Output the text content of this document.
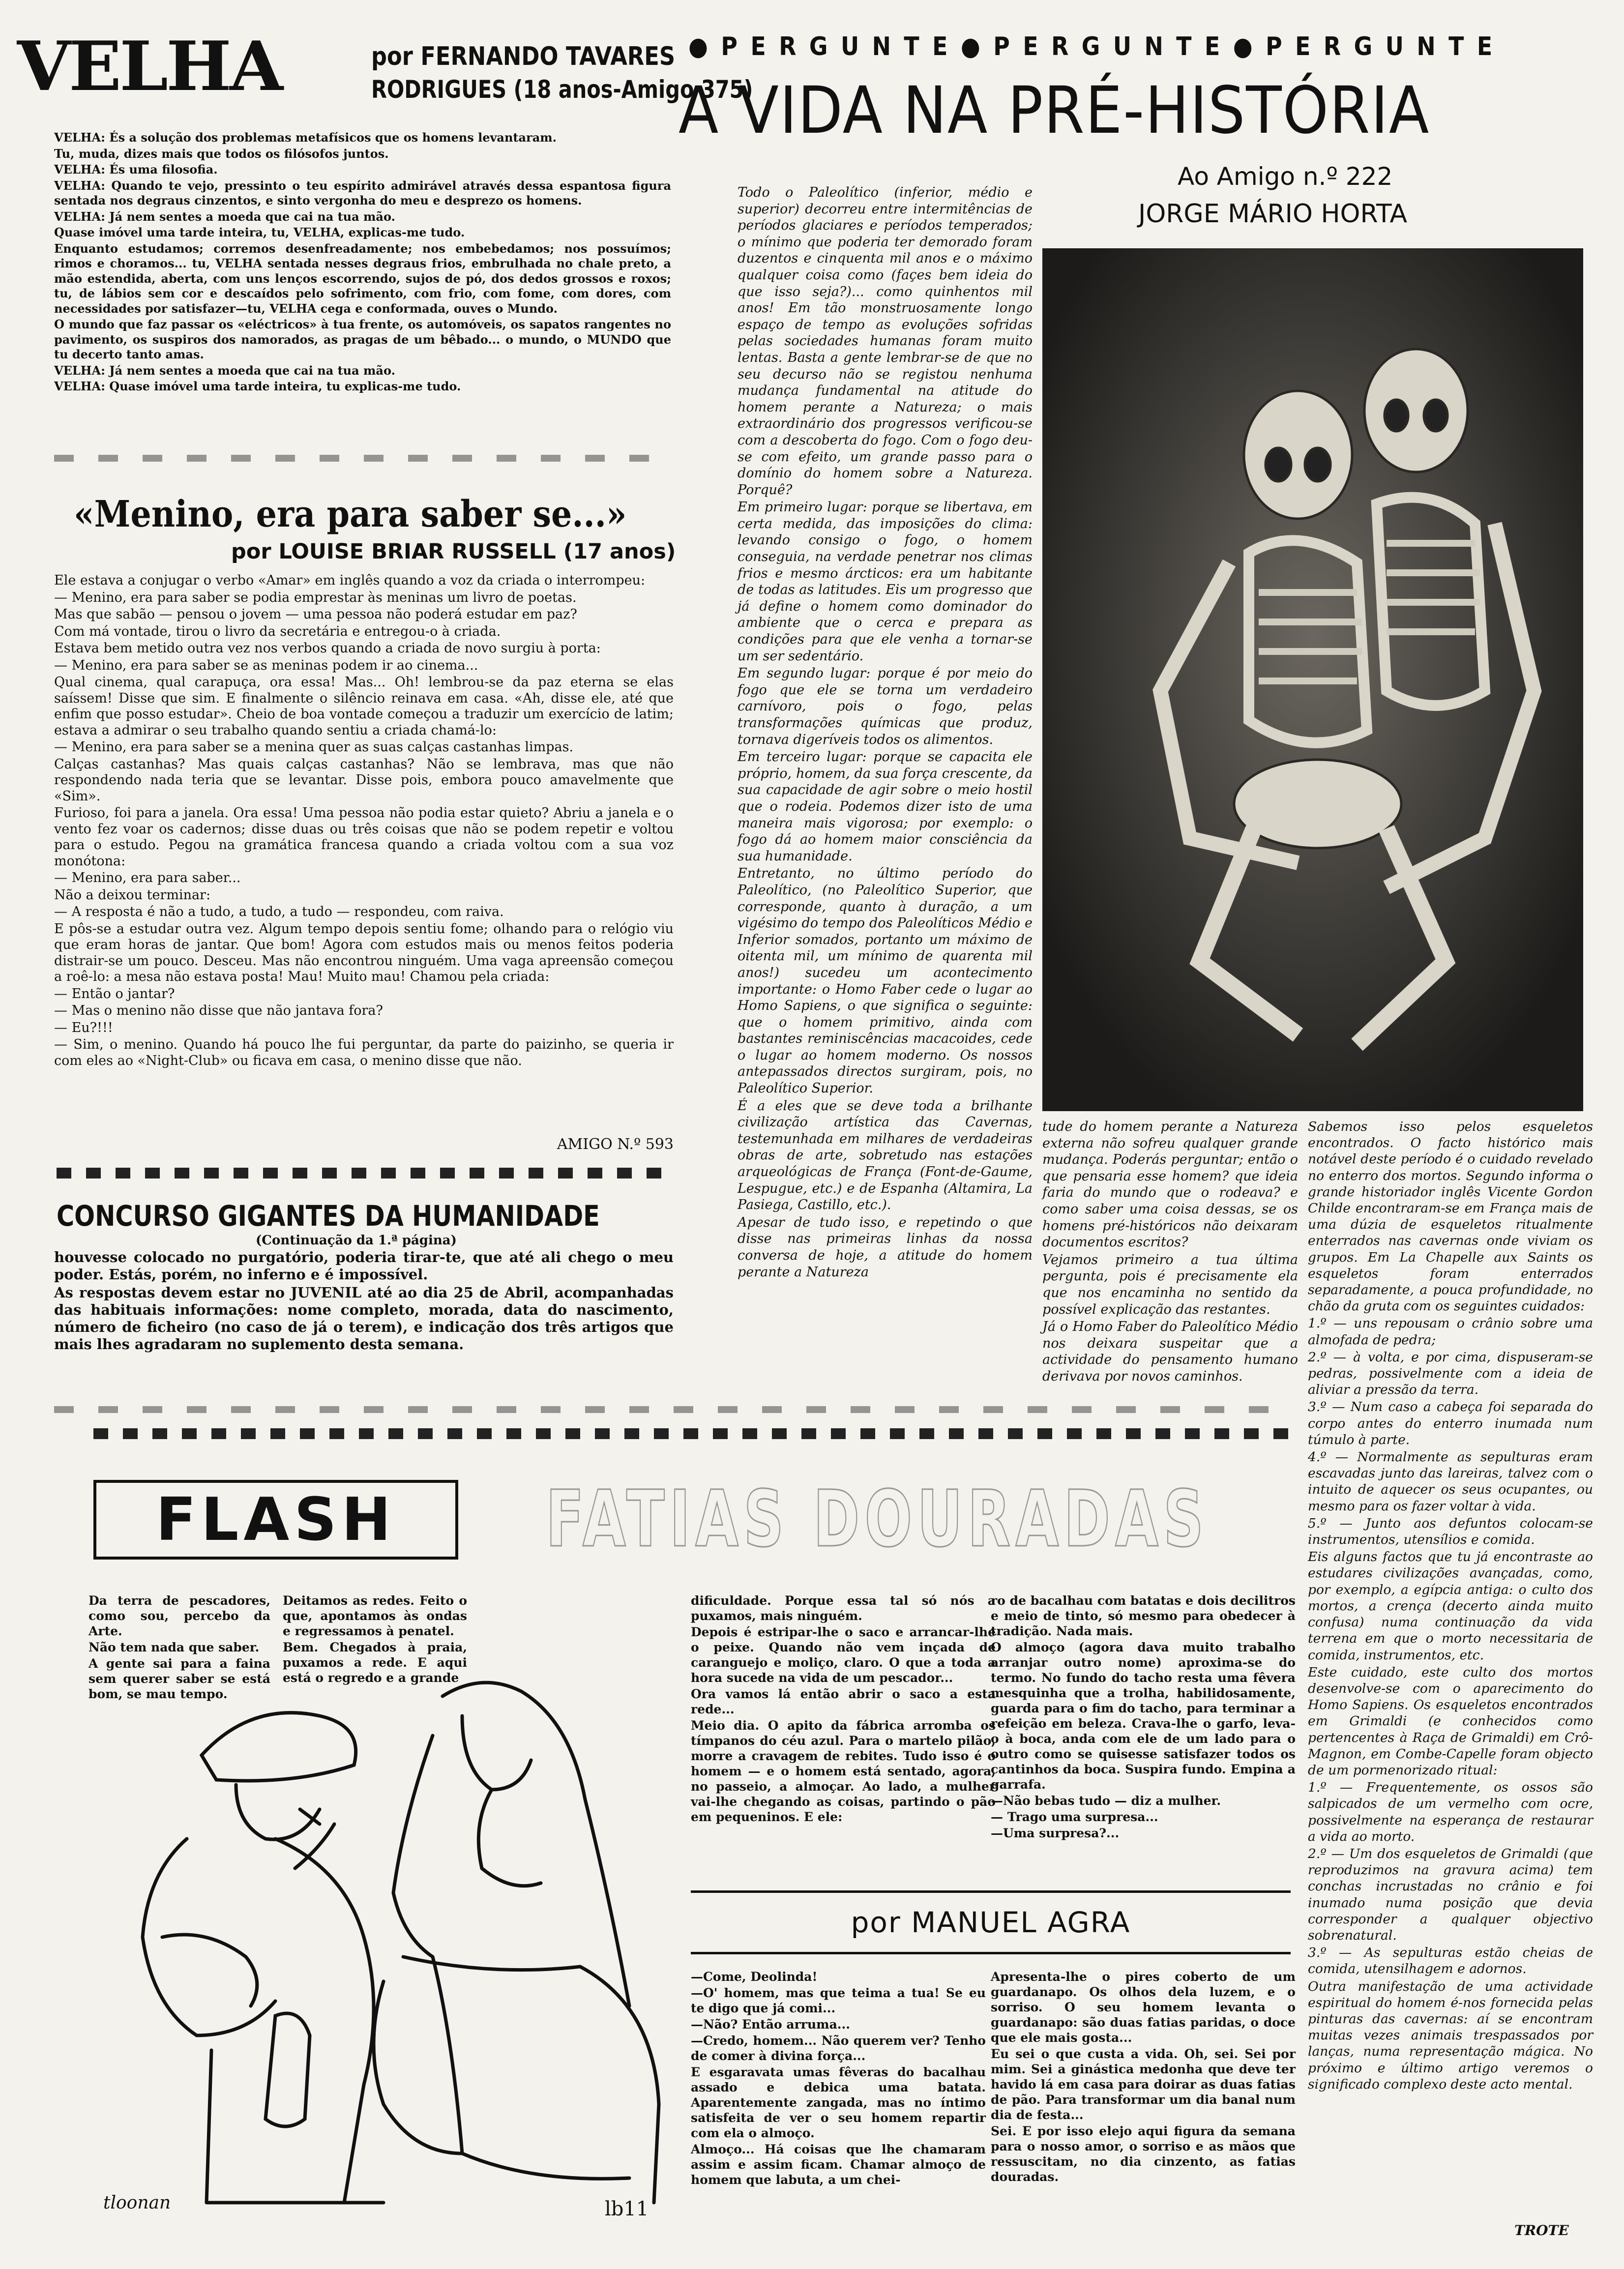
VELHA	por FERNANDO TAVARES
RODRIGUES (18 anos-Amigo 375)

VELHA: És a solução dos problemas metafísicos que os homens levantaram.

Tu, muda, dizes mais que todos os filósofos juntos.

VELHA: És uma filosofia.

VELHA: Quando te vejo, pressinto o teu espírito admirável através dessa espantosa figura sentada nos degraus cinzentos, e sinto vergonha do meu e desprezo os homens.

VELHA: Já nem sentes a moeda que cai na tua mão.

Quase imóvel uma tarde inteira, tu, VELHA, explicas-me tudo.

Enquanto estudamos; corremos desenfreadamente; nos embebedamos; nos possuímos; rimos e choramos... tu, VELHA sentada nesses degraus frios, embrulhada no chale preto, a mão estendida, aberta, com uns lenços escorrendo, sujos de pó, dos dedos grossos e roxos; tu, de lábios sem cor e descaídos pelo sofrimento, com frio, com fome, com dores, com necessidades por satisfazer—tu, VELHA cega e conformada, ouves o Mundo.

O mundo que faz passar os «eléctricos» à tua frente, os automóveis, os sapatos rangentes no pavimento, os suspiros dos namorados, as pragas de um bêbado... o mundo, o MUNDO que tu decerto tanto amas.

VELHA: Já nem sentes a moeda que cai na tua mão.

VELHA: Quase imóvel uma tarde inteira, tu explicas-me tudo.

«Menino, era para saber se...»
por LOUISE BRIAR RUSSELL (17 anos)

Ele estava a conjugar o verbo «Amar» em inglês quando a voz da criada o interrompeu:

— Menino, era para saber se podia emprestar às meninas um livro de poetas.

Mas que sabão — pensou o jovem — uma pessoa não poderá estudar em paz?

Com má vontade, tirou o livro da secretária e entregou-o à criada.

Estava bem metido outra vez nos verbos quando a criada de novo surgiu à porta:

— Menino, era para saber se as meninas podem ir ao cinema...

Qual cinema, qual carapuça, ora essa! Mas... Oh! lembrou-se da paz eterna se elas saíssem! Disse que sim. E finalmente o silêncio reinava em casa. «Ah, disse ele, até que enfim que posso estudar». Cheio de boa vontade começou a traduzir um exercício de latim; estava a admirar o seu trabalho quando sentiu a criada chamá-lo:

— Menino, era para saber se a menina quer as suas calças castanhas limpas.

Calças castanhas? Mas quais calças castanhas? Não se lembrava, mas que não respondendo nada teria que se levantar. Disse pois, embora pouco amavelmente que «Sim».

Furioso, foi para a janela. Ora essa! Uma pessoa não podia estar quieto? Abriu a janela e o vento fez voar os cadernos; disse duas ou três coisas que não se podem repetir e voltou para o estudo. Pegou na gramática francesa quando a criada voltou com a sua voz monótona:

— Menino, era para saber...

Não a deixou terminar:

— A resposta é não a tudo, a tudo, a tudo — respondeu, com raiva.

E pôs-se a estudar outra vez. Algum tempo depois sentiu fome; olhando para o relógio viu que eram horas de jantar. Que bom! Agora com estudos mais ou menos feitos poderia distrair-se um pouco. Desceu. Mas não encontrou ninguém. Uma vaga apreensão começou a roê-lo: a mesa não estava posta! Mau! Muito mau! Chamou pela criada:

— Então o jantar?

— Mas o menino não disse que não jantava fora?

— Eu?!!!

— Sim, o menino. Quando há pouco lhe fui perguntar, da parte do paizinho, se queria ir com eles ao «Night-Club» ou ficava em casa, o menino disse que não.

AMIGO N.º 593
CONCURSO GIGANTES DA HUMANIDADE
(Continuação da 1.ª página)

houvesse colocado no purgatório, poderia tirar-te, que até ali chego o meu poder. Estás, porém, no inferno e é impossível.

As respostas devem estar no JUVENIL até ao dia 25 de Abril, acompanhadas das habituais informações: nome completo, morada, data do nascimento, número de ficheiro (no caso de já o terem), e indicação dos três artigos que mais lhes agradaram no suplemento desta semana.

● P E R G U N T E ● P E R G U N T E ● P E R G U N T E
A VIDA NA PRÉ-HISTÓRIA
Ao Amigo n.º 222
JORGE MÁRIO HORTA

Todo o Paleolítico (inferior, médio e superior) decorreu entre intermitências de períodos glaciares e períodos temperados; o mínimo que poderia ter demorado foram duzentos e cinquenta mil anos e o máximo qualquer coisa como (façes bem ideia do que isso seja?)... como quinhentos mil anos! Em tão monstruosamente longo espaço de tempo as evoluções sofridas pelas sociedades humanas foram muito lentas. Basta a gente lembrar-se de que no seu decurso não se registou nenhuma mudança fundamental na atitude do homem perante a Natureza; o mais extraordinário dos progressos verificou-se com a descoberta do fogo. Com o fogo deu-se com efeito, um grande passo para o domínio do homem sobre a Natureza. Porquê?

Em primeiro lugar: porque se libertava, em certa medida, das imposições do clima: levando consigo o fogo, o homem conseguia, na verdade penetrar nos climas frios e mesmo árcticos: era um habitante de todas as latitudes. Eis um progresso que já define o homem como dominador do ambiente que o cerca e prepara as condições para que ele venha a tornar-se um ser sedentário.

Em segundo lugar: porque é por meio do fogo que ele se torna um verdadeiro carnívoro, pois o fogo, pelas transformações químicas que produz, tornava digeríveis todos os alimentos.

Em terceiro lugar: porque se capacita ele próprio, homem, da sua força crescente, da sua capacidade de agir sobre o meio hostil que o rodeia. Podemos dizer isto de uma maneira mais vigorosa; por exemplo: o fogo dá ao homem maior consciência da sua humanidade.

Entretanto, no último período do Paleolítico, (no Paleolítico Superior, que corresponde, quanto à duração, a um vigésimo do tempo dos Paleolíticos Médio e Inferior somados, portanto um máximo de oitenta mil, um mínimo de quarenta mil anos!) sucedeu um acontecimento importante: o Homo Faber cede o lugar ao Homo Sapiens, o que significa o seguinte: que o homem primitivo, ainda com bastantes reminiscências macacoides, cede o lugar ao homem moderno. Os nossos antepassados directos surgiram, pois, no Paleolítico Superior.

É a eles que se deve toda a brilhante civilização artística das Cavernas, testemunhada em milhares de verdadeiras obras de arte, sobretudo nas estações arqueológicas de França (Font-de-Gaume, Lespugue, etc.) e de Espanha (Altamira, La Pasiega, Castillo, etc.).

Apesar de tudo isso, e repetindo o que disse nas primeiras linhas da nossa conversa de hoje, a atitude do homem perante a Natureza

tude do homem perante a Natureza externa não sofreu qualquer grande mudança. Poderás perguntar; então o que pensaria esse homem? que ideia faria do mundo que o rodeava? e como saber uma coisa dessas, se os homens pré-históricos não deixaram documentos escritos?

Vejamos primeiro a tua última pergunta, pois é precisamente ela que nos encaminha no sentido da possível explicação das restantes.

Já o Homo Faber do Paleolítico Médio nos deixara suspeitar que a actividade do pensamento humano derivava por novos caminhos.

Sabemos isso pelos esqueletos encontrados. O facto histórico mais notável deste período é o cuidado revelado no enterro dos mortos. Segundo informa o grande historiador inglês Vicente Gordon Childe encontraram-se em França mais de uma dúzia de esqueletos ritualmente enterrados nas cavernas onde viviam os grupos. Em La Chapelle aux Saints os esqueletos foram enterrados separadamente, a pouca profundidade, no chão da gruta com os seguintes cuidados:

1.º — uns repousam o crânio sobre uma almofada de pedra;

2.º — à volta, e por cima, dispuseram-se pedras, possivelmente com a ideia de aliviar a pressão da terra.

3.º — Num caso a cabeça foi separada do corpo antes do enterro inumada num túmulo à parte.

4.º — Normalmente as sepulturas eram escavadas junto das lareiras, talvez com o intuito de aquecer os seus ocupantes, ou mesmo para os fazer voltar à vida.

5.º — Junto aos defuntos colocam-se instrumentos, utensílios e comida.

Eis alguns factos que tu já encontraste ao estudares civilizações avançadas, como, por exemplo, a egípcia antiga: o culto dos mortos, a crença (decerto ainda muito confusa) numa continuação da vida terrena em que o morto necessitaria de comida, instrumentos, etc.

Este cuidado, este culto dos mortos desenvolve-se com o aparecimento do Homo Sapiens. Os esqueletos encontrados em Grimaldi (e conhecidos como pertencentes à Raça de Grimaldi) em Crô-Magnon, em Combe-Capelle foram objecto de um pormenorizado ritual:

1.º — Frequentemente, os ossos são salpicados de um vermelho com ocre, possivelmente na esperança de restaurar a vida ao morto.

2.º — Um dos esqueletos de Grimaldi (que reproduzimos na gravura acima) tem conchas incrustadas no crânio e foi inumado numa posição que devia corresponder a qualquer objectivo sobrenatural.

3.º — As sepulturas estão cheias de comida, utensilhagem e adornos.

Outra manifestação de uma actividade espiritual do homem é-nos fornecida pelas pinturas das cavernas: aí se encontram muitas vezes animais trespassados por lanças, numa representação mágica. No próximo e último artigo veremos o significado complexo deste acto mental.

TROTE
FLASH FATIAS DOURADAS

Da terra de pescadores, como sou, percebo da Arte.

Não tem nada que saber.

A gente sai para a faina sem querer saber se está bom, se mau tempo.

Deitamos as redes. Feito o que, apontamos às ondas e regressamos à penatel.

Bem. Chegados à praia, puxamos a rede. E aqui está o regredo e a grande

dificuldade. Porque essa tal só nós a puxamos, mais ninguém.

Depois é estripar-lhe o saco e arrancar-lhe o peixe. Quando não vem inçada de caranguejo e moliço, claro. O que a toda a hora sucede na vida de um pescador...

Ora vamos lá então abrir o saco a esta rede...

Meio dia. O apito da fábrica arromba os tímpanos do céu azul. Para o martelo pilão, morre a cravagem de rebites. Tudo isso é o homem — e o homem está sentado, agora, no passeio, a almoçar. Ao lado, a mulher vai-lhe chegando as coisas, partindo o pão em pequeninos. E ele:

ro de bacalhau com batatas e dois decilitros e meio de tinto, só mesmo para obedecer à tradição. Nada mais.

O almoço (agora dava muito trabalho arranjar outro nome) aproxima-se do termo. No fundo do tacho resta uma fêvera mesquinha que a trolha, habilidosamente, guarda para o fim do tacho, para terminar a refeição em beleza. Crava-lhe o garfo, leva-o à boca, anda com ele de um lado para o outro como se quisesse satisfazer todos os cantinhos da boca. Suspira fundo. Empina a garrafa.

—Não bebas tudo — diz a mulher.

— Trago uma surpresa...

—Uma surpresa?...

tloonan	lb11
por MANUEL AGRA

—Come, Deolinda!

—O' homem, mas que teima a tua! Se eu te digo que já comi...

—Não? Então arruma...

—Credo, homem... Não querem ver? Tenho de comer à divina força...

E esgaravata umas fêveras do bacalhau assado e debica uma batata. Aparentemente zangada, mas no íntimo satisfeita de ver o seu homem repartir com ela o almoço.

Almoço... Há coisas que lhe chamaram assim e assim ficam. Chamar almoço de homem que labuta, a um chei-

Apresenta-lhe o pires coberto de um guardanapo. Os olhos dela luzem, e o sorriso. O seu homem levanta o guardanapo: são duas fatias paridas, o doce que ele mais gosta...

Eu sei o que custa a vida. Oh, sei. Sei por mim. Sei a ginástica medonha que deve ter havido lá em casa para doirar as duas fatias de pão. Para transformar um dia banal num dia de festa...

Sei. E por isso elejo aqui figura da semana para o nosso amor, o sorriso e as mãos que ressuscitam, no dia cinzento, as fatias douradas.
